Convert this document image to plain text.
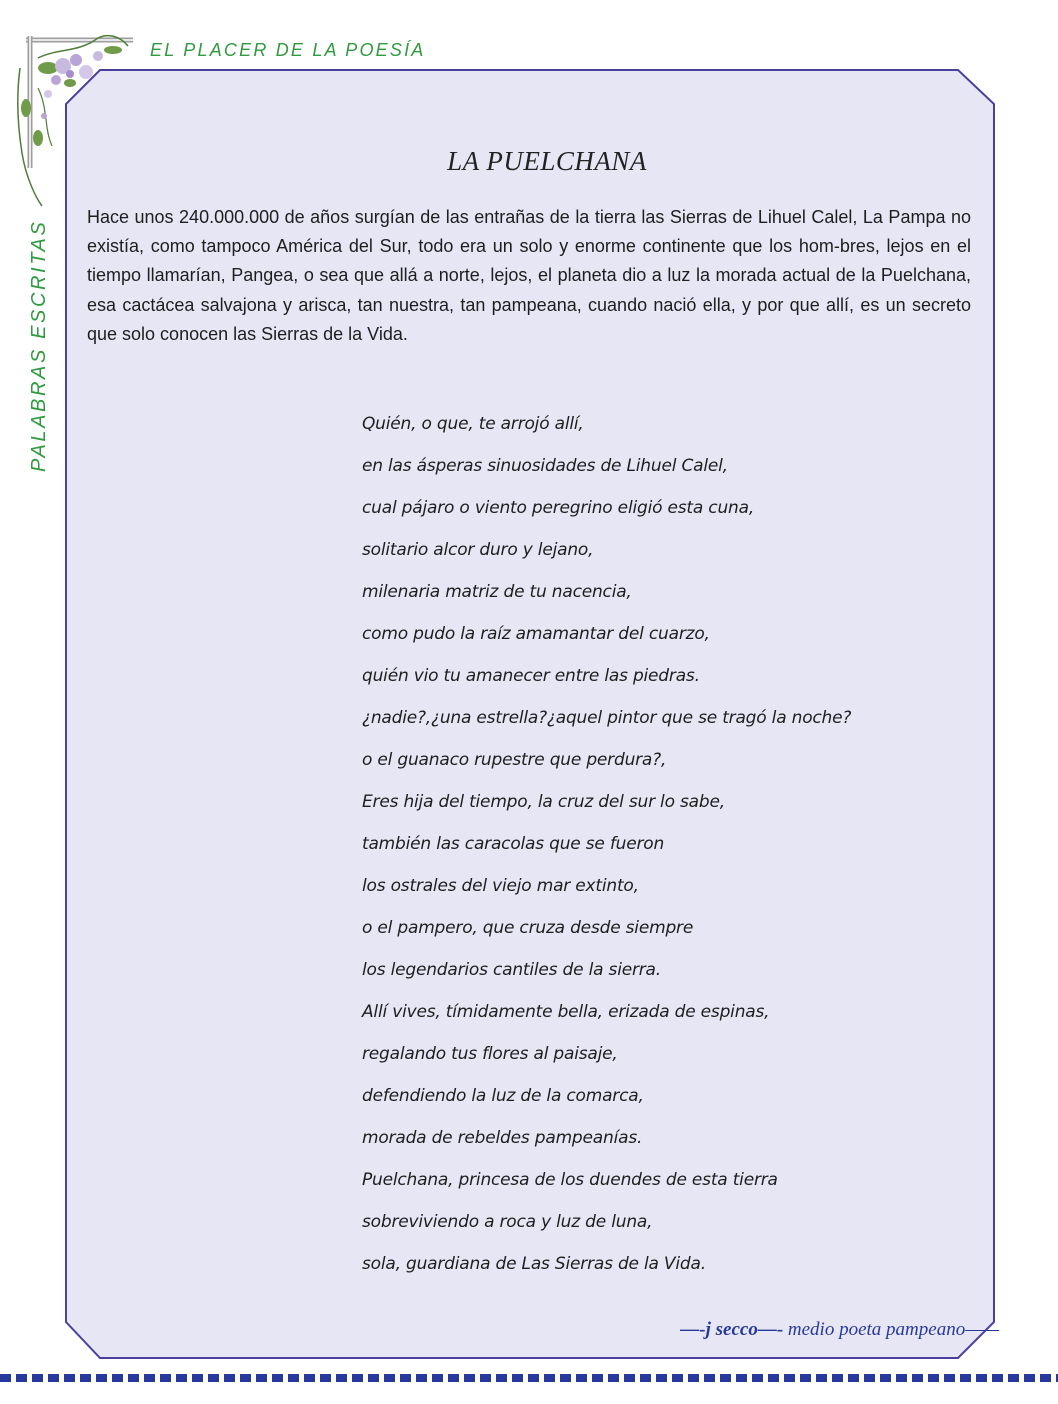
EL PLACER DE LA POESÍA
PALABRAS ESCRITAS
LA PUELCHANA

Hace unos 240.000.000 de años surgían de las entrañas de la tierra las Sierras de Lihuel Calel, La Pampa no existía, como tampoco América del Sur, todo era un solo y enorme continente que los hom-bres, lejos en el tiempo llamarían, Pangea, o sea que allá a norte, lejos, el planeta dio a luz la morada actual de la Puelchana, esa cactácea salvajona y arisca, tan nuestra, tan pampeana, cuando nació ella, y por que allí, es un secreto que solo conocen las Sierras de la Vida.

Quién, o que, te arrojó allí,
en las ásperas sinuosidades de Lihuel Calel,
cual pájaro o viento peregrino eligió esta cuna,
solitario alcor duro y lejano,
milenaria matriz de tu nacencia,
como pudo la raíz amamantar del cuarzo,
quién vio tu amanecer entre las piedras.
¿nadie?,¿una estrella?¿aquel pintor que se tragó la noche?
o el guanaco rupestre que perdura?,
Eres hija del tiempo, la cruz del sur lo sabe,
también las caracolas que se fueron
los ostrales del viejo mar extinto,
o el pampero, que cruza desde siempre
los legendarios cantiles de la sierra.
Allí vives, tímidamente bella, erizada de espinas,
regalando tus flores al paisaje,
defendiendo la luz de la comarca,
morada de rebeldes pampeanías.
Puelchana, princesa de los duendes de esta tierra
sobreviviendo a roca y luz de luna,
sola, guardiana de Las Sierras de la Vida.
—-j secco—- medio poeta pampeano——
